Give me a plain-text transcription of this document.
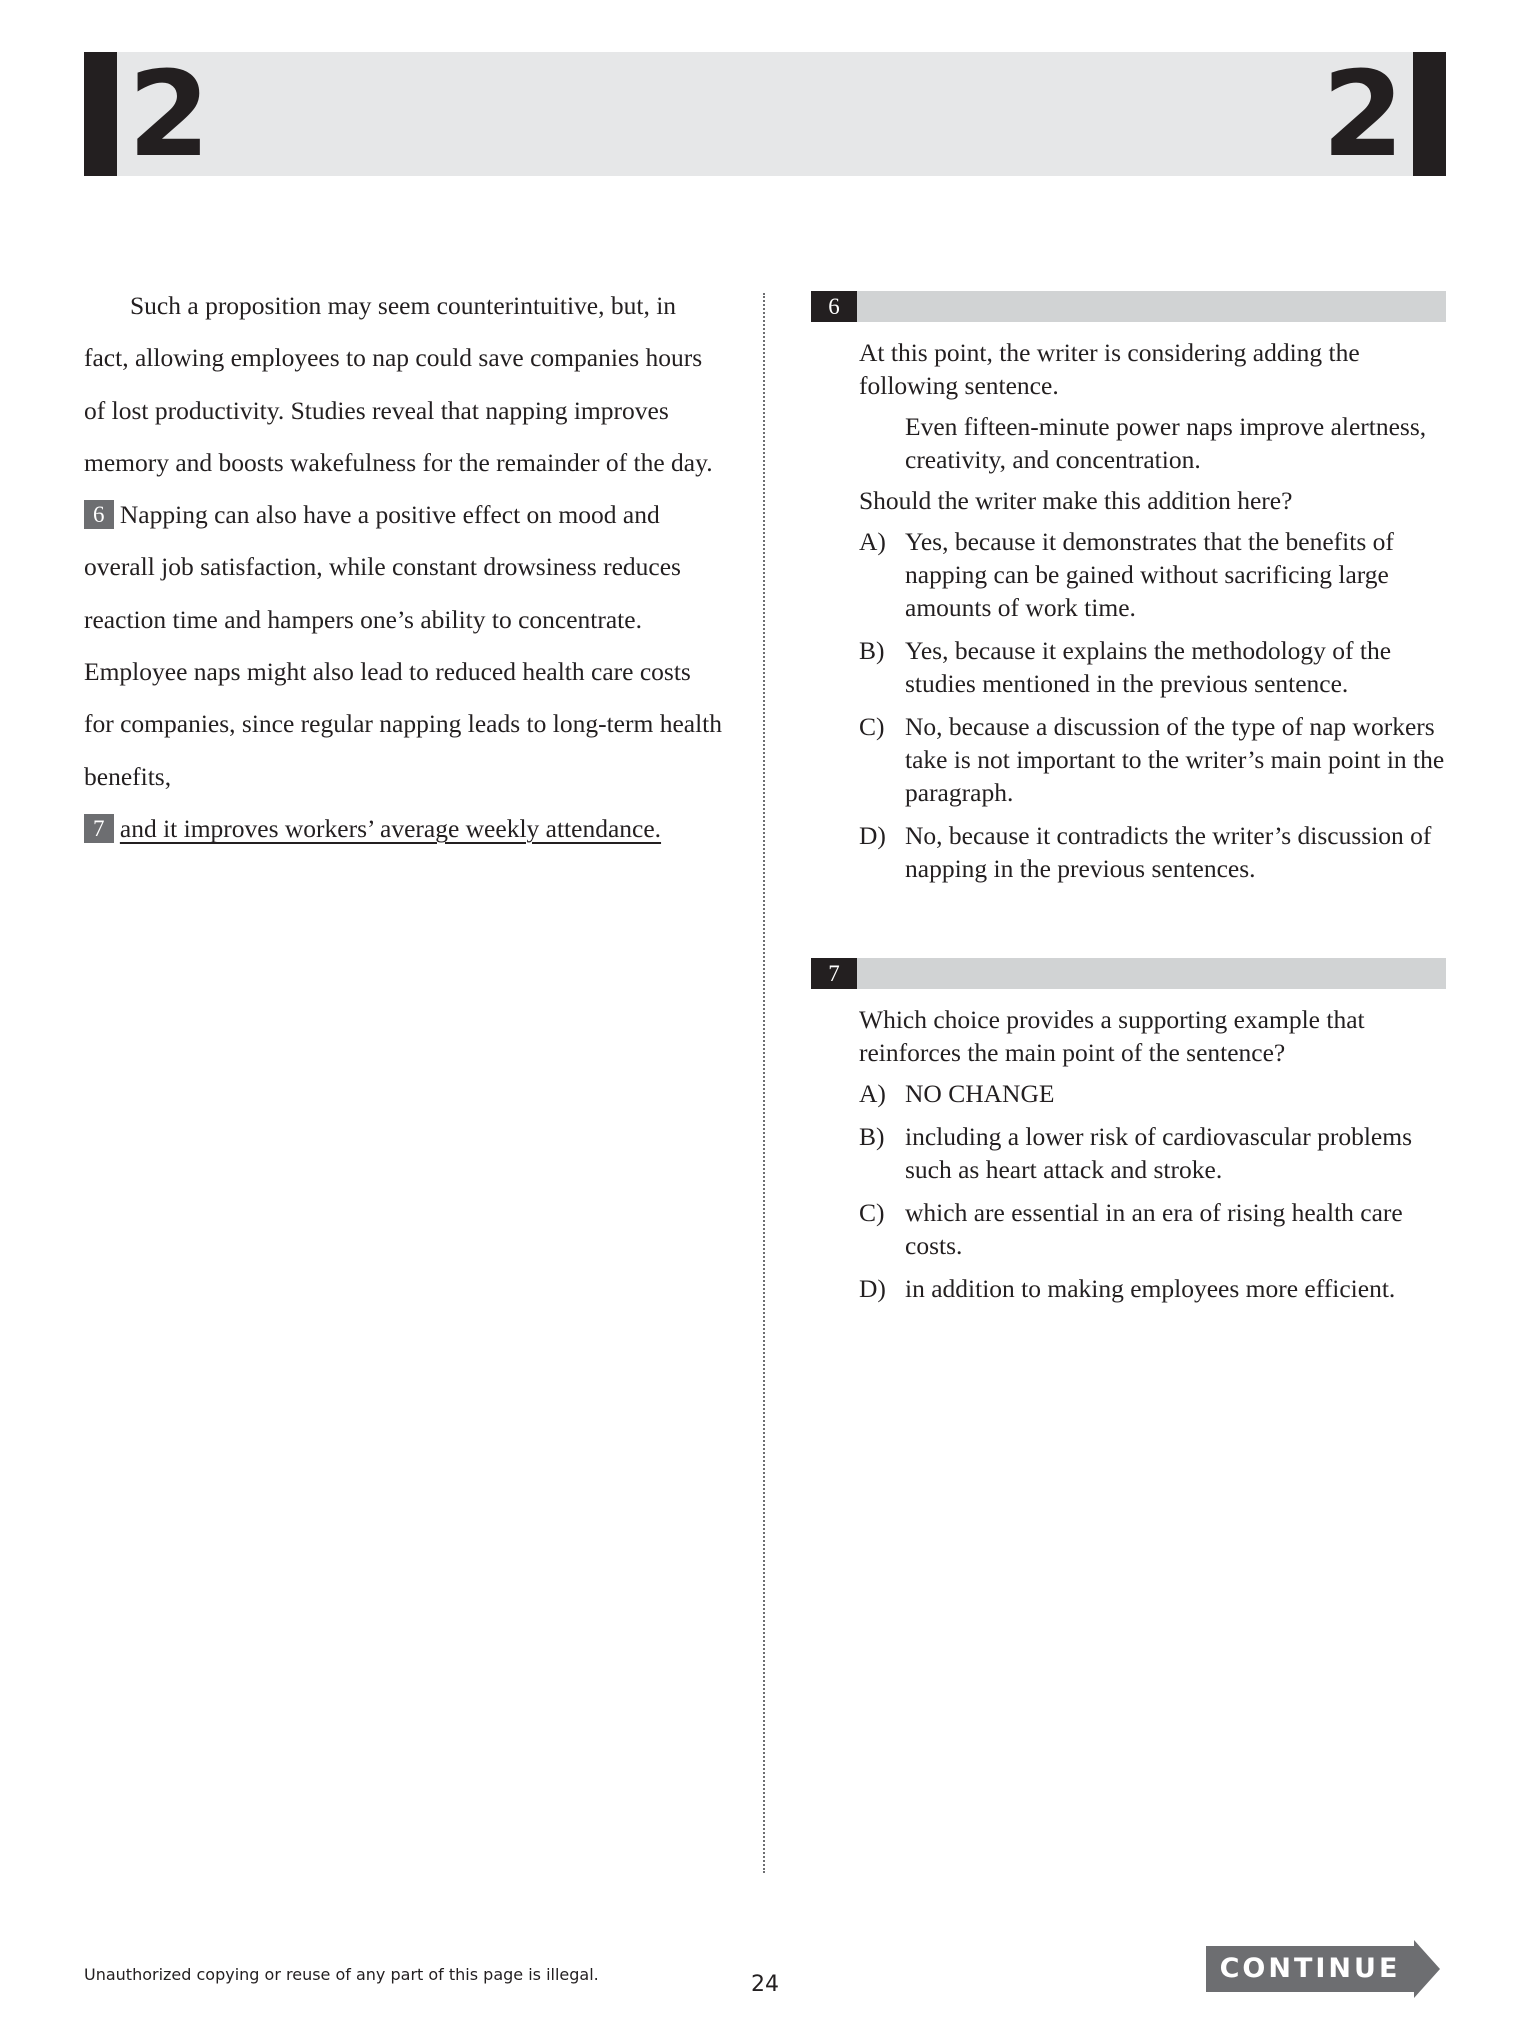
2	2

Such a proposition may seem counterintuitive, but, in fact, allowing employees to nap could save companies hours of lost productivity. Studies reveal that napping improves memory and boosts wakefulness for the remainder of the day. 6 Napping can also have a positive effect on mood and overall job satisfaction, while constant drowsiness reduces reaction time and hampers one’s ability to concentrate. Employee naps might also lead to reduced health care costs for companies, since regular napping leads to long-term health benefits,
7 and it improves workers’ average weekly attendance.

6

At this point, the writer is considering adding the following sentence.

Even fifteen-minute power naps improve alertness, creativity, and concentration.

Should the writer make this addition here?

A) Yes, because it demonstrates that the benefits of napping can be gained without sacrificing large amounts of work time.
B) Yes, because it explains the methodology of the studies mentioned in the previous sentence.
C) No, because a discussion of the type of nap workers take is not important to the writer’s main point in the paragraph.
D) No, because it contradicts the writer’s discussion of napping in the previous sentences.
7

Which choice provides a supporting example that reinforces the main point of the sentence?

A) NO CHANGE
B) including a lower risk of cardiovascular problems such as heart attack and stroke.
C) which are essential in an era of rising health care costs.
D) in addition to making employees more efficient.
Unauthorized copying or reuse of any part of this page is illegal.	24
CONTINUE
